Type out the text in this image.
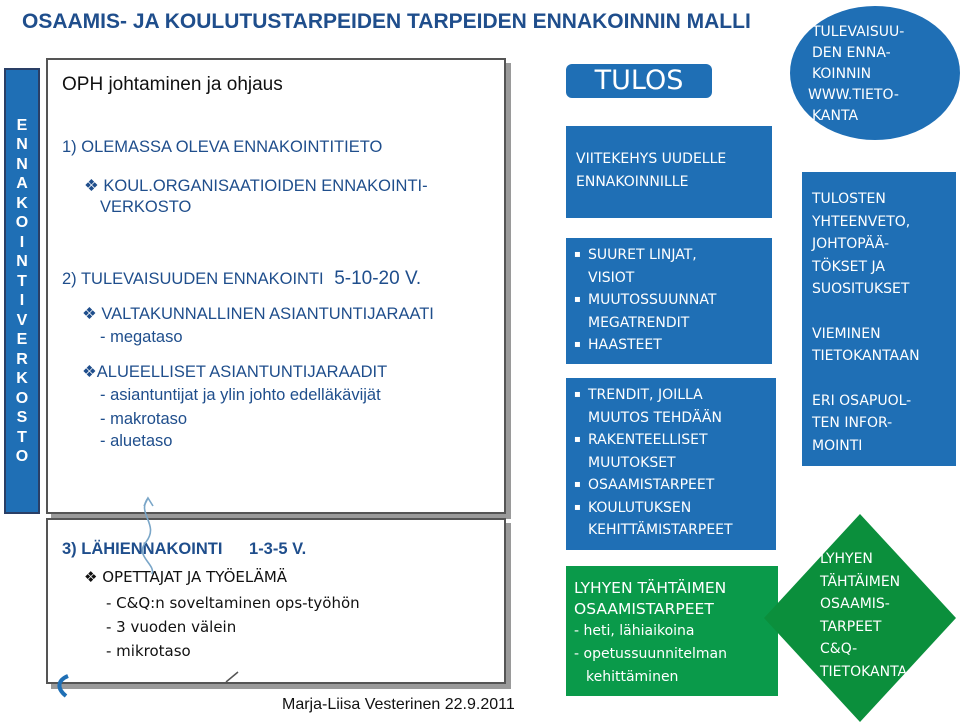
OSAAMIS- JA KOULUTUSTARPEIDEN TARPEIDEN ENNAKOINNIN MALLI
E
N
N
A
K
O
I
N
T
I
V
E
R
K
O
S
T
O
OPH johtaminen ja ohjaus
1) OLEMASSA OLEVA ENNAKOINTITIETO
❖ KOUL.ORGANISAATIOIDEN ENNAKOINTI-
VERKOSTO
2) TULEVAISUUDEN ENNAKOINTI 5-10-20 V.
❖ VALTAKUNNALLINEN ASIANTUNTIJARAATI
- megataso
❖ALUEELLISET ASIANTUNTIJARAADIT
- asiantuntijat ja ylin johto edelläkävijät
- makrotaso
- aluetaso
3) LÄHIENNAKOINTI 1-3-5 V.
❖ OPETTAJAT JA TYÖELÄMÄ
- C&Q:n soveltaminen ops-työhön
- 3 vuoden välein
- mikrotaso
TULOS
VIITEKEHYS UUDELLE
ENNAKOINNILLE
▪ SUURET LINJAT,
VISIOT
▪ MUUTOSSUUNNAT
MEGATRENDIT
▪ HAASTEET
▪ TRENDIT, JOILLA
MUUTOS TEHDÄÄN
▪ RAKENTEELLISET
MUUTOKSET
▪ OSAAMISTARPEET
▪ KOULUTUKSEN
KEHITTÄMISTARPEET
LYHYEN TÄHTÄIMEN
OSAAMISTARPEET
- heti, lähiaikoina
- opetussuunnitelman
kehittäminen
TULEVAISUU-
DEN ENNA-
KOINNIN
WWW.TIETO-
KANTA
TULOSTEN
YHTEENVETO,
JOHTOPÄÄ-
TÖKSET JA
SUOSITUKSET
VIEMINEN
TIETOKANTAAN
ERI OSAPUOL-
TEN INFOR-
MOINTI
LYHYEN
TÄHTÄIMEN
OSAAMIS-
TARPEET
C&Q-
TIETOKANTA
Marja-Liisa Vesterinen 22.9.2011
